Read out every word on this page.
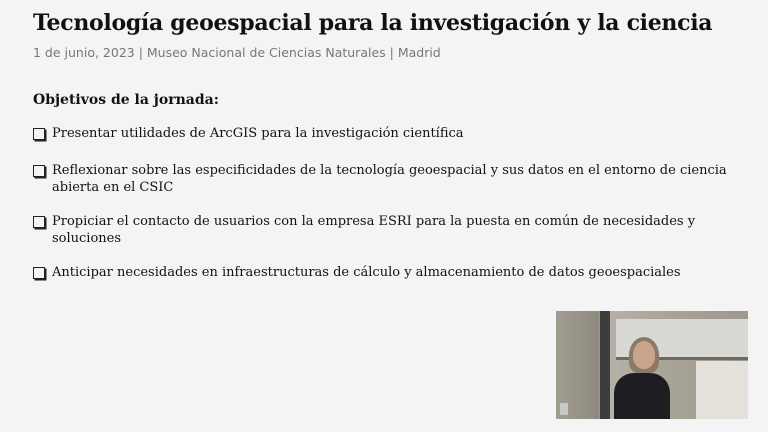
Tecnología geoespacial para la investigación y la ciencia
1 de junio, 2023 | Museo Nacional de Ciencias Naturales | Madrid
Objetivos de la jornada:
Presentar utilidades de ArcGIS para la investigación científica
Reflexionar sobre las especificidades de la tecnología geoespacial y sus datos en el entorno de ciencia abierta en el CSIC
Propiciar el contacto de usuarios con la empresa ESRI para la puesta en común de necesidades y soluciones
Anticipar necesidades en infraestructuras de cálculo y almacenamiento de datos geoespaciales
